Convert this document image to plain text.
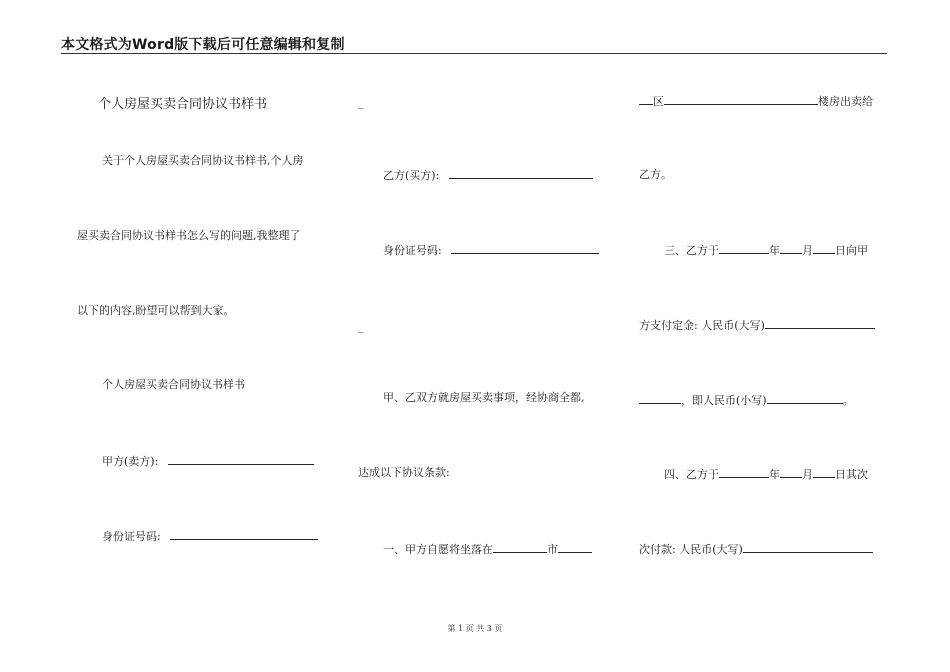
本文格式为Word版下载后可任意编辑和复制
个人房屋买卖合同协议书样书
关于个人房屋买卖合同协议书样书,个人房
屋买卖合同协议书样书怎么写的问题,我整理了
以下的内容,盼望可以帮到大家。
个人房屋买卖合同协议书样书
甲方(卖方):
身份证号码:
_
乙方(买方):
身份证号码:
_
甲、乙双方就房屋买卖事项，经协商全都,
达成以下协议条款:
一、甲方自愿将坐落在	市
区	楼房出卖给
乙方。
三、乙方于	年 月 日向甲
方支付定金: 人民币(大写)
，即人民币(小写)	。
四、乙方于	年 月 日其次
次付款: 人民币(大写)
第 1 页 共 3 页
